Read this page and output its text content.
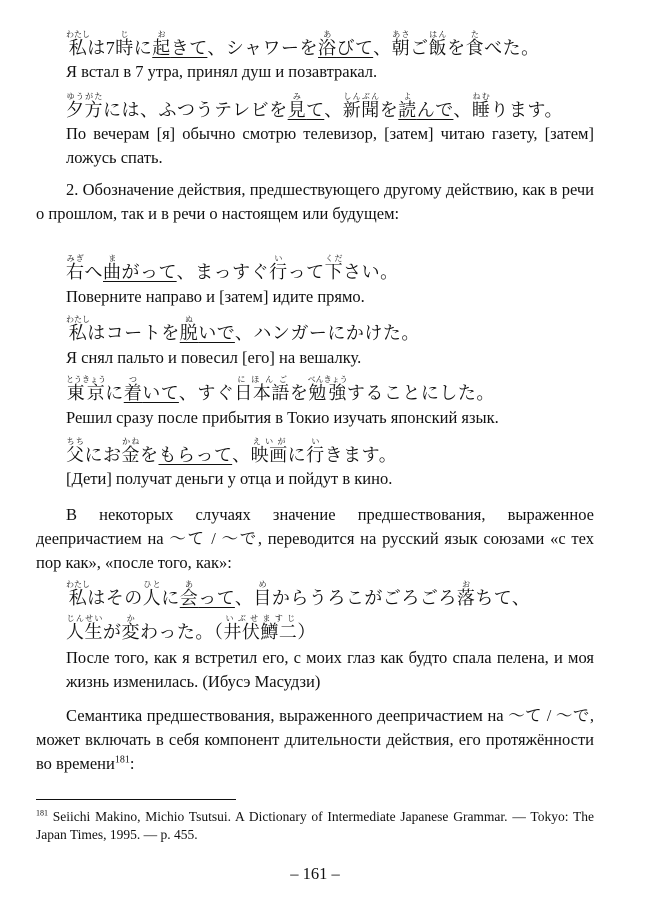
私わたしは7時じに起おきて、シャワーを浴あびて、朝あさご飯はんを食たべた。
Я встал в 7 утра, принял душ и позавтракал.
夕方ゆうがたには、ふつうテレビを見みて、新聞しんぶんを読よんで、睡ねむります。
По вечерам [я] обычно смотрю телевизор, [затем] читаю газету, [затем] ложусь спать.
2. Обозначение действия, предшествующего другому действию, как в речи о прошлом, так и в речи о настоящем или будущем:
右みぎへ曲まがって、まっすぐ行いって下ください。
Поверните направо и [затем] идите прямо.
私わたしはコートを脱ぬいで、ハンガーにかけた。
Я снял пальто и повесил [его] на вешалку.
東京とうきょうに着ついて、すぐ日本語にほんごを勉強べんきょうすることにした。
Решил сразу после прибытия в Токио изучать японский язык.
父ちちにお金かねをもらって、映画えいがに行いきます。
[Дети] получат деньги у отца и пойдут в кино.
В некоторых случаях значение предшествования, выраженное деепричастием на 〜て / 〜で, переводится на русский язык союзами «с тех пор как», «после того, как»:
私わたしはその人ひとに会あって、目めからうろこがごろごろ落おちて、
人生じんせいが変かわった。（井伏鱒二いぶせますじ）
После того, как я встретил его, с моих глаз как будто спала пелена, и моя жизнь изменилась. (Ибусэ Масудзи)
Семантика предшествования, выраженного деепричастием на 〜て / 〜で, может включать в себя компонент длительности действия, его протяжённости во времени$^{181}$:
$^{181}$ Seiichi Makino, Michio Tsutsui. A Dictionary of Intermediate Japanese Grammar. — Tokyo: The Japan Times, 1995. — p. 455.
– 161 –
